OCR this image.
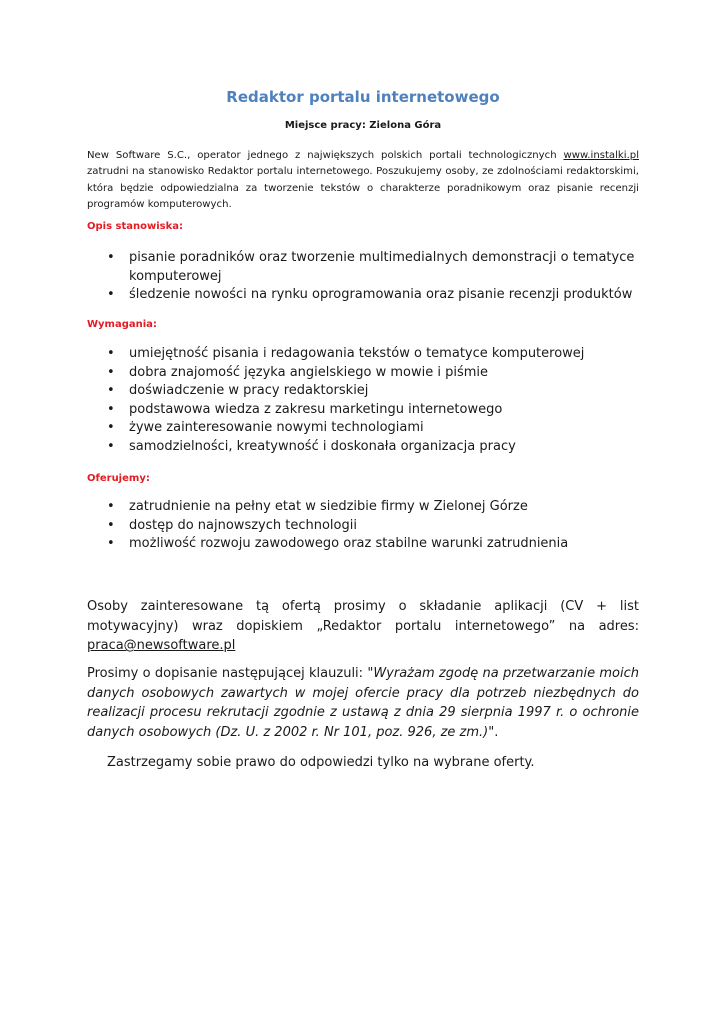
Redaktor portalu internetowego

Miejsce pracy: Zielona Góra

New Software S.C., operator jednego z największych polskich portali technologicznych www.instalki.pl zatrudni na stanowisko Redaktor portalu internetowego. Poszukujemy osoby, ze zdolnościami redaktorskimi, która będzie odpowiedzialna za tworzenie tekstów o charakterze poradnikowym oraz pisanie recenzji programów komputerowych.

Opis stanowiska:

• pisanie poradników oraz tworzenie multimedialnych demonstracji o tematyce komputerowej
• śledzenie nowości na rynku oprogramowania oraz pisanie recenzji produktów

Wymagania:

• umiejętność pisania i redagowania tekstów o tematyce komputerowej
• dobra znajomość języka angielskiego w mowie i piśmie
• doświadczenie w pracy redaktorskiej
• podstawowa wiedza z zakresu marketingu internetowego
• żywe zainteresowanie nowymi technologiami
• samodzielności, kreatywność i doskonała organizacja pracy

Oferujemy:

• zatrudnienie na pełny etat w siedzibie firmy w Zielonej Górze
• dostęp do najnowszych technologii
• możliwość rozwoju zawodowego oraz stabilne warunki zatrudnienia

Osoby zainteresowane tą ofertą prosimy o składanie aplikacji (CV + list motywacyjny) wraz dopiskiem „Redaktor portalu internetowego” na adres: praca@newsoftware.pl

Prosimy o dopisanie następującej klauzuli: "Wyrażam zgodę na przetwarzanie moich danych osobowych zawartych w mojej ofercie pracy dla potrzeb niezbędnych do realizacji procesu rekrutacji zgodnie z ustawą z dnia 29 sierpnia 1997 r. o ochronie danych osobowych (Dz. U. z 2002 r. Nr 101, poz. 926, ze zm.)".

Zastrzegamy sobie prawo do odpowiedzi tylko na wybrane oferty.
